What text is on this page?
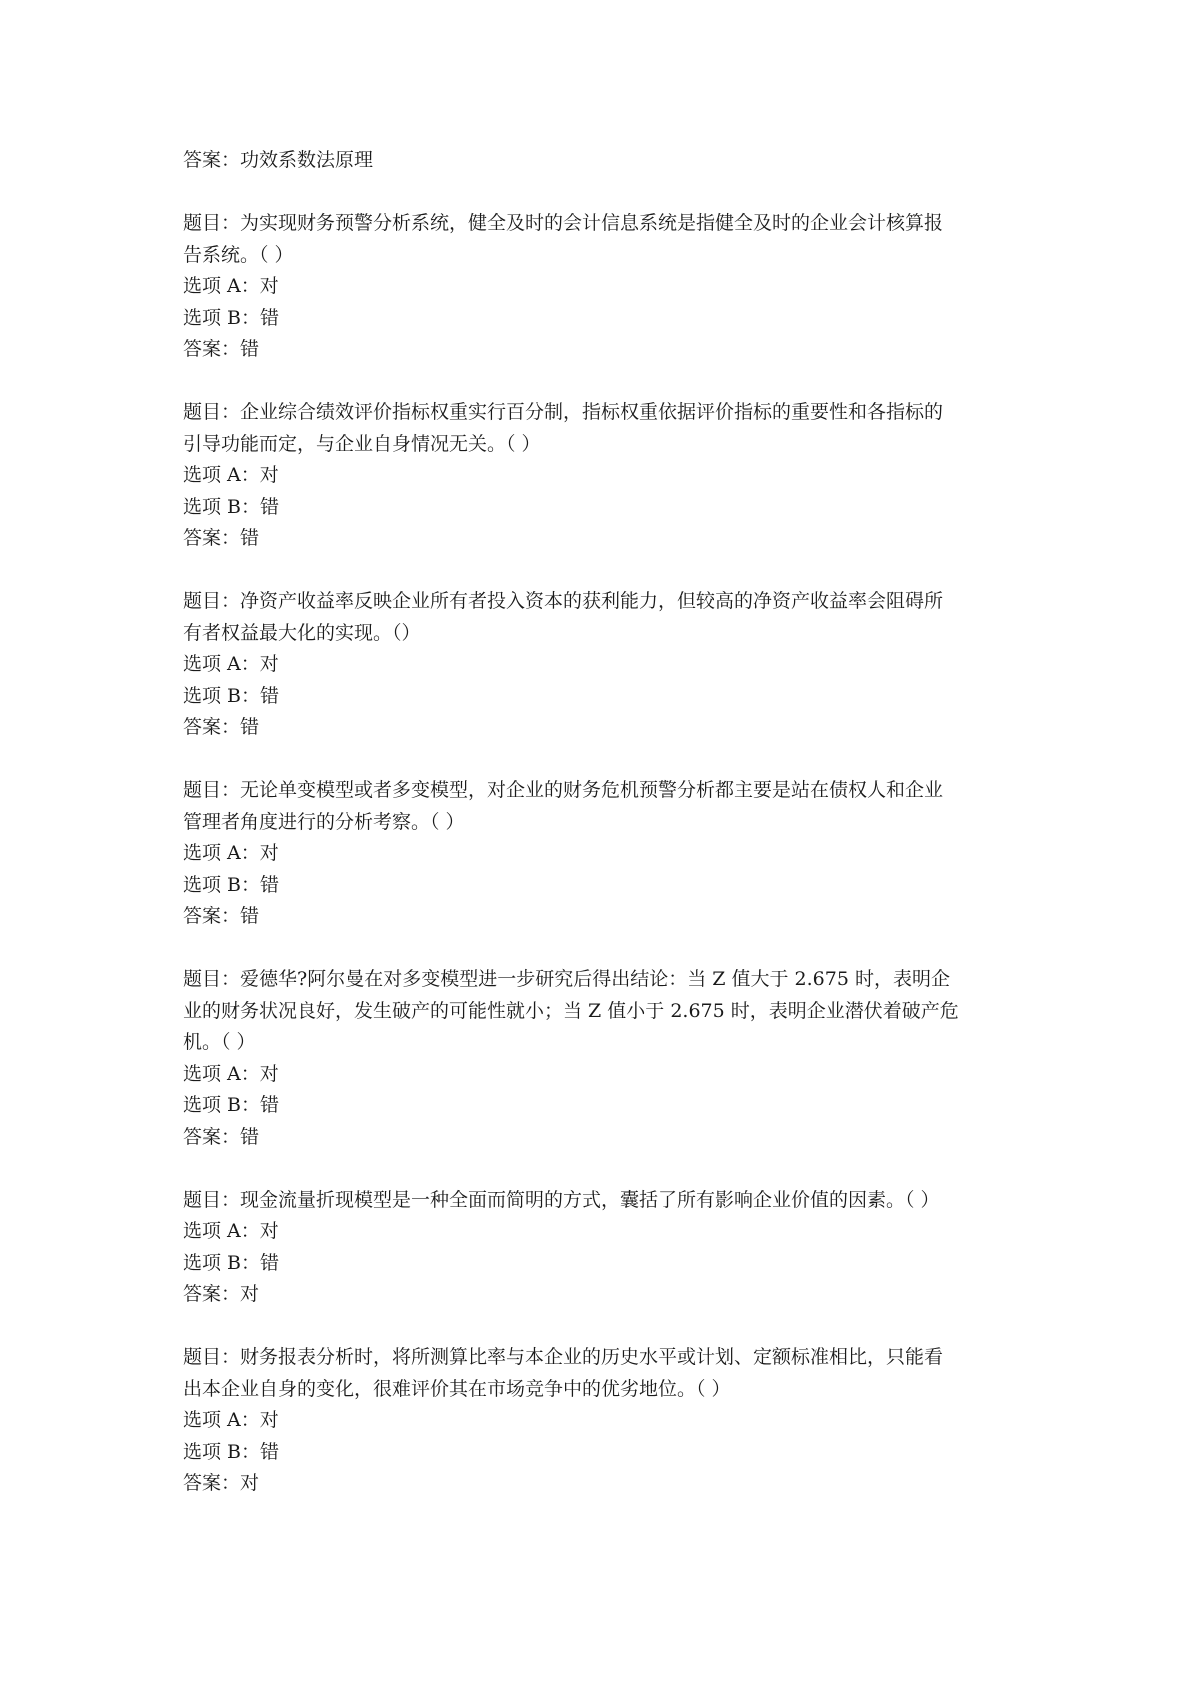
答案：功效系数法原理
题目：为实现财务预警分析系统，健全及时的会计信息系统是指健全及时的企业会计核算报
告系统。（ ）
选项 A：对
选项 B：错
答案：错
题目：企业综合绩效评价指标权重实行百分制，指标权重依据评价指标的重要性和各指标的
引导功能而定，与企业自身情况无关。（ ）
选项 A：对
选项 B：错
答案：错
题目：净资产收益率反映企业所有者投入资本的获利能力，但较高的净资产收益率会阻碍所
有者权益最大化的实现。（）
选项 A：对
选项 B：错
答案：错
题目：无论单变模型或者多变模型，对企业的财务危机预警分析都主要是站在债权人和企业
管理者角度进行的分析考察。（ ）
选项 A：对
选项 B：错
答案：错
题目：爱德华?阿尔曼在对多变模型进一步研究后得出结论：当 Z 值大于 2.675 时，表明企
业的财务状况良好，发生破产的可能性就小；当 Z 值小于 2.675 时，表明企业潜伏着破产危
机。（ ）
选项 A：对
选项 B：错
答案：错
题目：现金流量折现模型是一种全面而简明的方式，囊括了所有影响企业价值的因素。（ ）
选项 A：对
选项 B：错
答案：对
题目：财务报表分析时，将所测算比率与本企业的历史水平或计划、定额标准相比，只能看
出本企业自身的变化，很难评价其在市场竞争中的优劣地位。（ ）
选项 A：对
选项 B：错
答案：对
